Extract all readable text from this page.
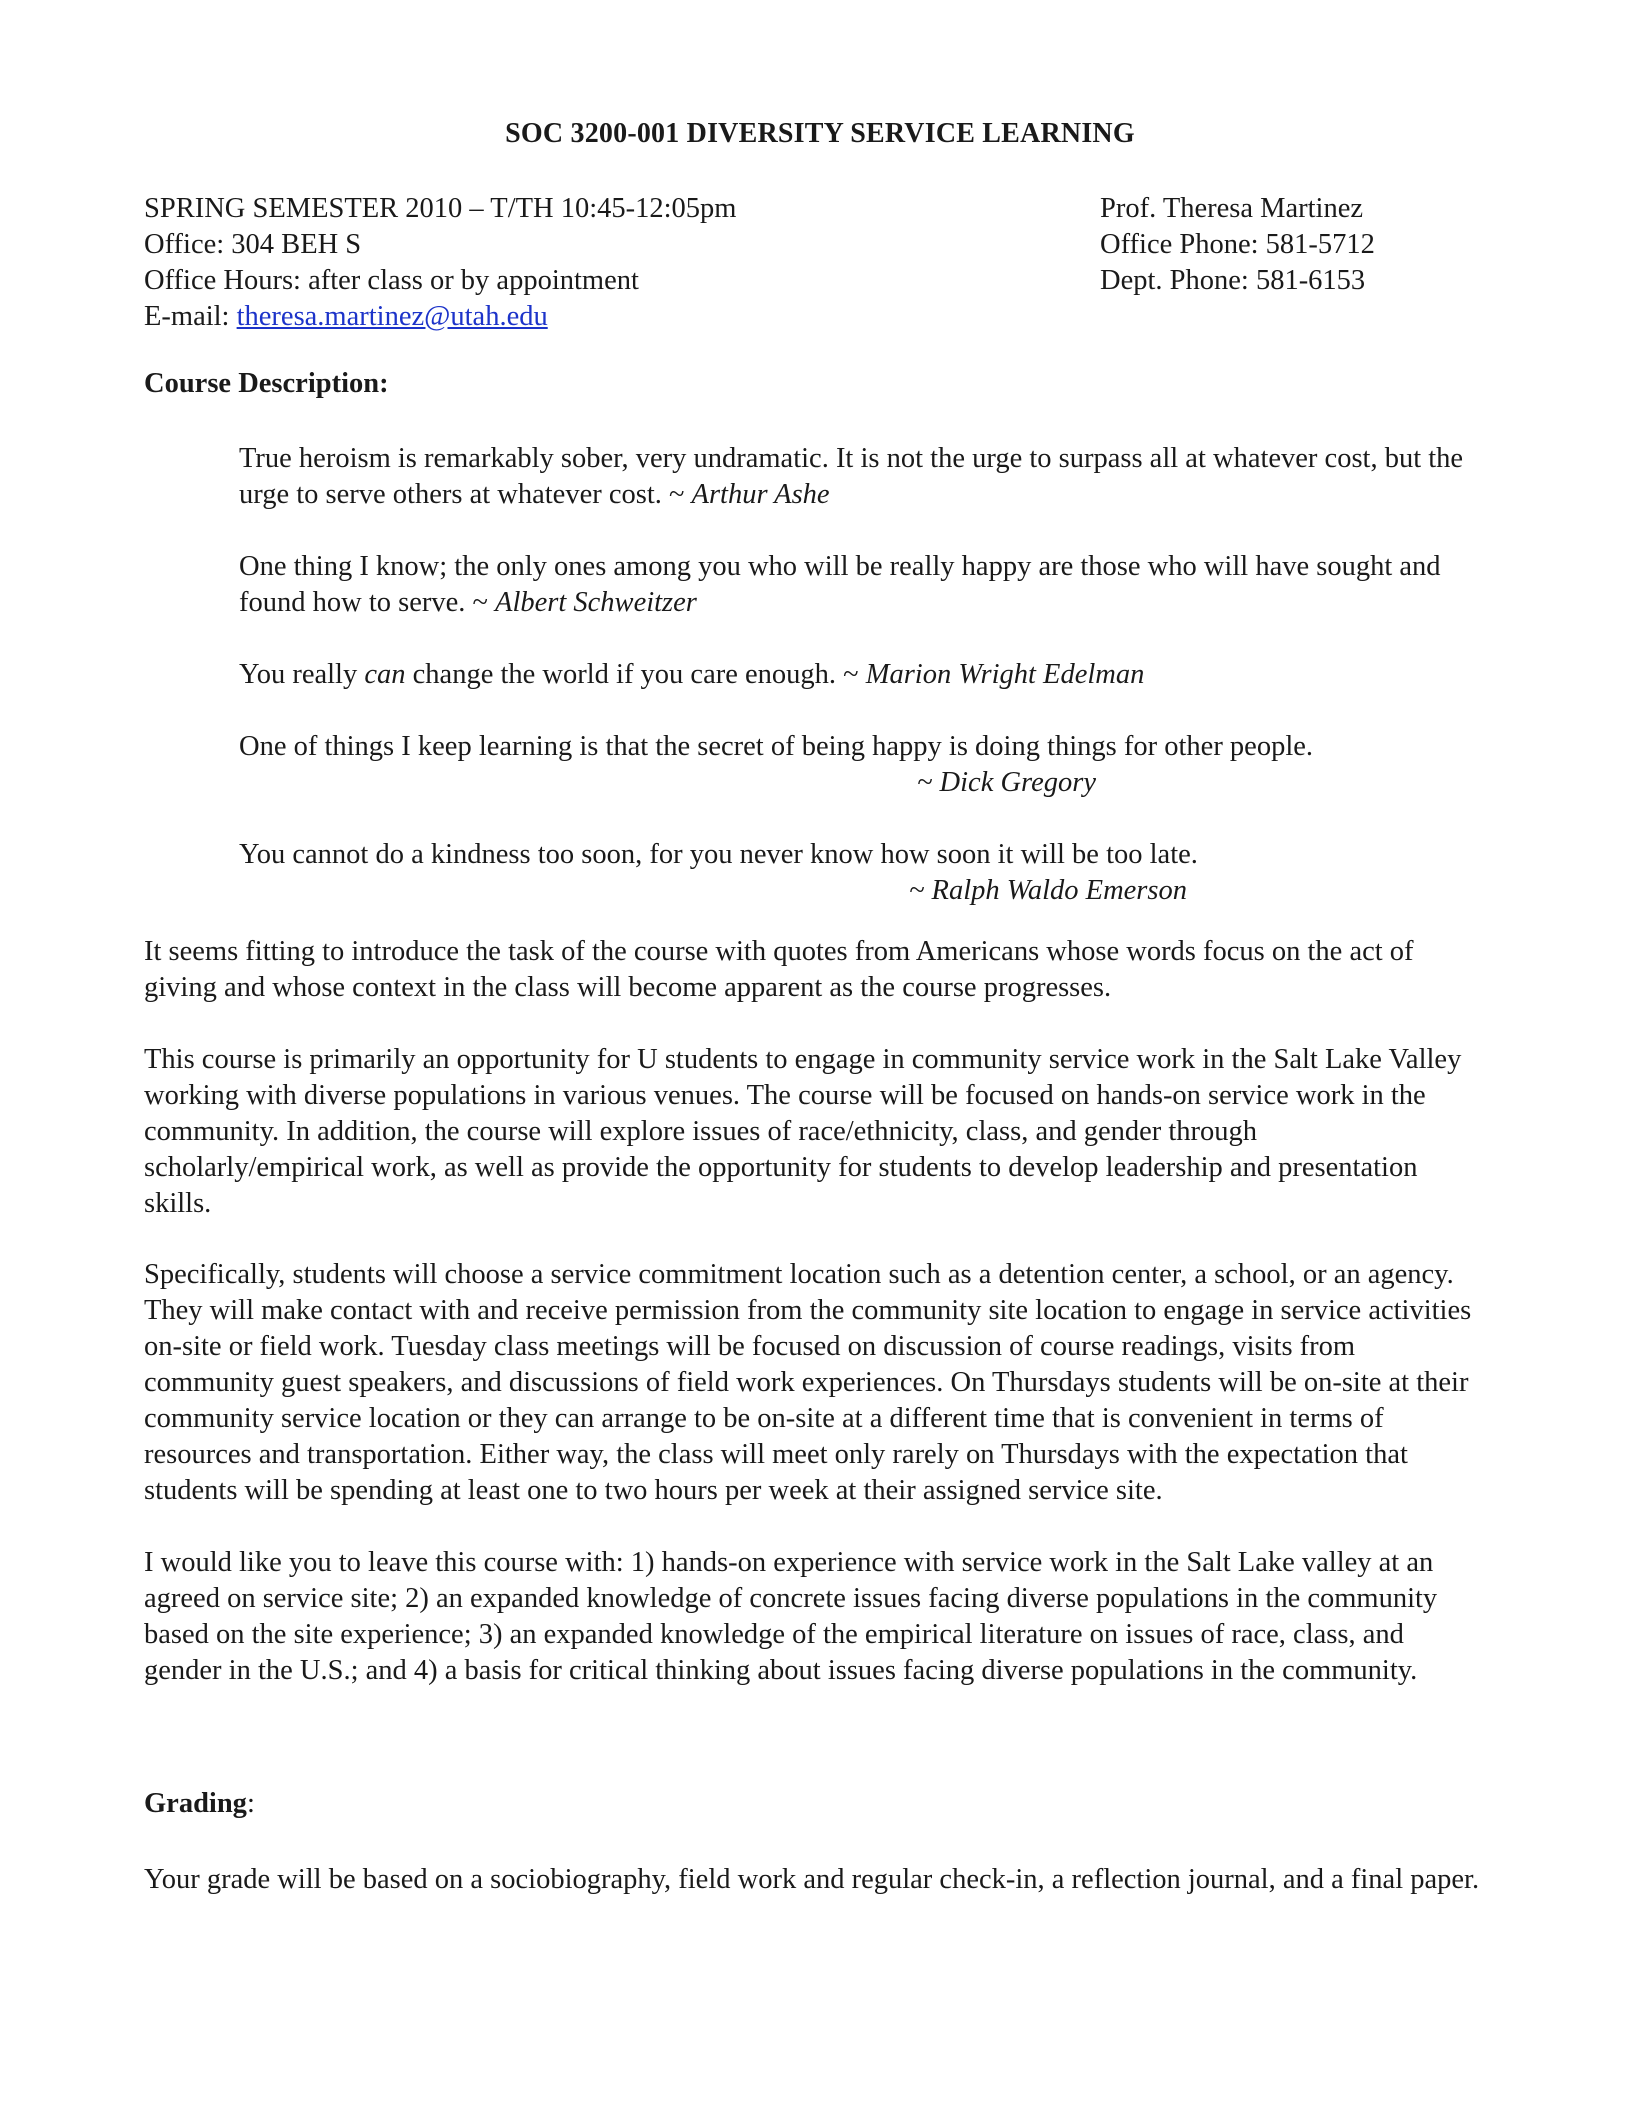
SOC 3200-001 DIVERSITY SERVICE LEARNING
SPRING SEMESTER 2010 – T/TH 10:45-12:05pm
Office: 304 BEH S
Office Hours: after class or by appointment
E-mail: theresa.martinez@utah.edu
Prof. Theresa Martinez
Office Phone: 581-5712
Dept. Phone: 581-6153
Course Description:
True heroism is remarkably sober, very undramatic. It is not the urge to surpass all at whatever cost, but the urge to serve others at whatever cost. ~ Arthur Ashe
One thing I know; the only ones among you who will be really happy are those who will have sought and found how to serve. ~ Albert Schweitzer
You really can change the world if you care enough. ~ Marion Wright Edelman
One of things I keep learning is that the secret of being happy is doing things for other people.
~ Dick Gregory
You cannot do a kindness too soon, for you never know how soon it will be too late.
~ Ralph Waldo Emerson

It seems fitting to introduce the task of the course with quotes from Americans whose words focus on the act of giving and whose context in the class will become apparent as the course progresses.

This course is primarily an opportunity for U students to engage in community service work in the Salt Lake Valley working with diverse populations in various venues. The course will be focused on hands-on service work in the community. In addition, the course will explore issues of race/ethnicity, class, and gender through scholarly/empirical work, as well as provide the opportunity for students to develop leadership and presentation skills.

Specifically, students will choose a service commitment location such as a detention center, a school, or an agency. They will make contact with and receive permission from the community site location to engage in service activities on-site or field work. Tuesday class meetings will be focused on discussion of course readings, visits from community guest speakers, and discussions of field work experiences. On Thursdays students will be on-site at their community service location or they can arrange to be on-site at a different time that is convenient in terms of resources and transportation. Either way, the class will meet only rarely on Thursdays with the expectation that students will be spending at least one to two hours per week at their assigned service site.

I would like you to leave this course with: 1) hands-on experience with service work in the Salt Lake valley at an agreed on service site; 2) an expanded knowledge of concrete issues facing diverse populations in the community based on the site experience; 3) an expanded knowledge of the empirical literature on issues of race, class, and gender in the U.S.; and 4) a basis for critical thinking about issues facing diverse populations in the community.

Grading:
Your grade will be based on a sociobiography, field work and regular check-in, a reflection journal, and a final paper.
